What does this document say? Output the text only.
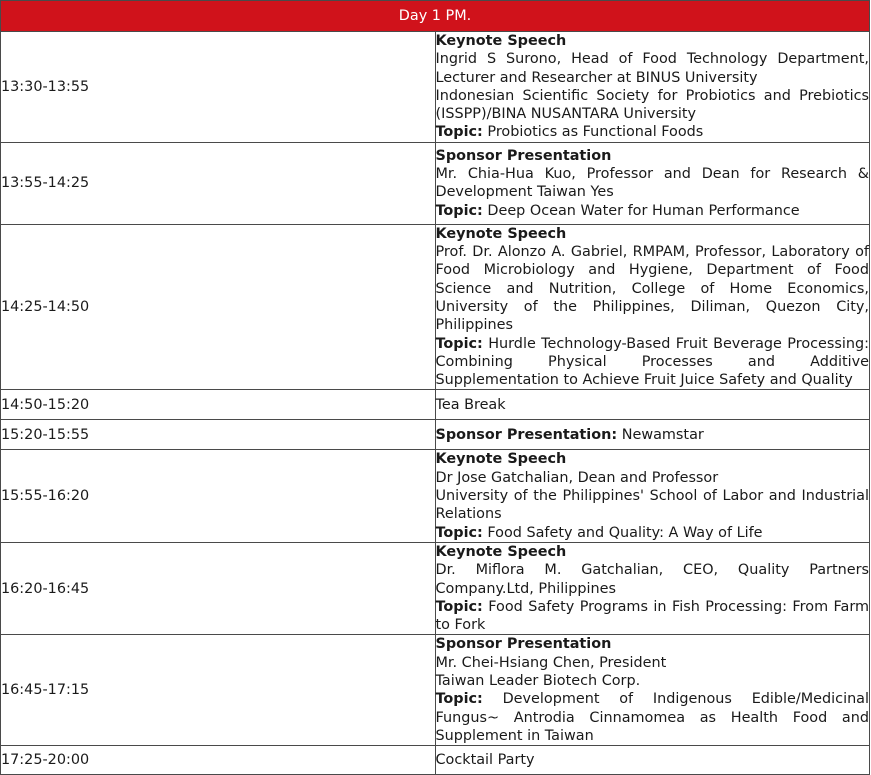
Day 1 PM.	
13:30-13:55	Keynote Speech
Ingrid S Surono, Head of Food Technology Department, Lecturer and Researcher at BINUS University
Indonesian Scientific Society for Probiotics and Prebiotics (ISSPP)/BINA NUSANTARA University
Topic: Probiotics as Functional Foods

13:55-14:25	Sponsor Presentation
Mr. Chia-Hua Kuo, Professor and Dean for Research & Development Taiwan Yes
Topic: Deep Ocean Water for Human Performance

14:25-14:50	Keynote Speech
Prof. Dr. Alonzo A. Gabriel, RMPAM, Professor, Laboratory of Food Microbiology and Hygiene, Department of Food Science and Nutrition, College of Home Economics, University of the Philippines, Diliman, Quezon City, Philippines
Topic: Hurdle Technology-Based Fruit Beverage Processing: Combining Physical Processes and Additive Supplementation to Achieve Fruit Juice Safety and Quality

14:50-15:20	Tea Break
15:20-15:55	Sponsor Presentation: Newamstar
15:55-16:20	Keynote Speech
Dr Jose Gatchalian, Dean and Professor
University of the Philippines' School of Labor and Industrial Relations
Topic: Food Safety and Quality: A Way of Life

16:20-16:45	Keynote Speech
Dr. Miflora M. Gatchalian, CEO, Quality Partners Company.Ltd, Philippines
Topic: Food Safety Programs in Fish Processing: From Farm to Fork

16:45-17:15	Sponsor Presentation
Mr. Chei-Hsiang Chen, President
Taiwan Leader Biotech Corp.
Topic: Development of Indigenous Edible/Medicinal Fungus~ Antrodia Cinnamomea as Health Food and Supplement in Taiwan

17:25-20:00	Cocktail Party
